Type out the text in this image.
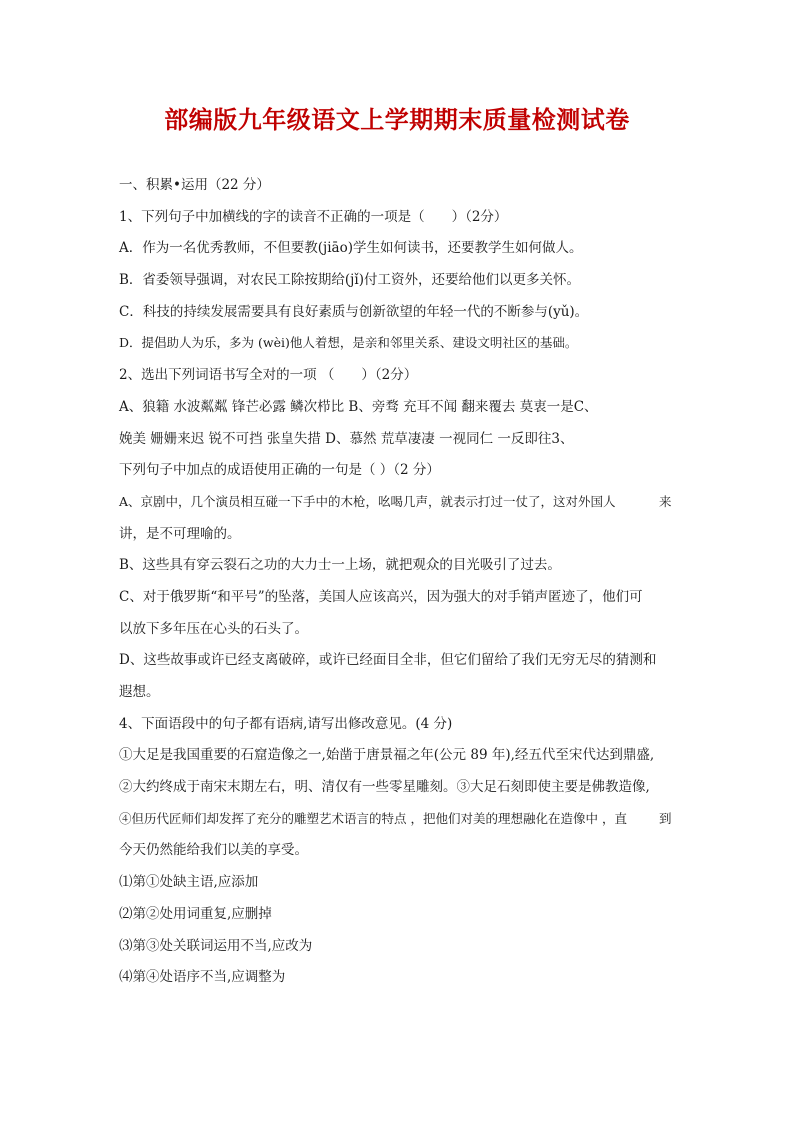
部编版九年级语文上学期期末质量检测试卷
一、积累•运用（22 分）
1、下列句子中加横线的字的读音不正确的一项是（　　）（2分）
A．作为一名优秀教师，不但要教(jiāo)学生如何读书，还要教学生如何做人。
B．省委领导强调，对农民工除按期给(jǐ)付工资外，还要给他们以更多关怀。
C．科技的持续发展需要具有良好素质与创新欲望的年轻一代的不断参与(yǔ)。
D．提倡助人为乐，多为 (wèi)他人着想，是亲和邻里关系、建设文明社区的基础。
2、选出下列词语书写全对的一项 （　　）（2分）
A、狼籍 水波粼粼 锋芒必露 鳞次栉比 B、旁骛 充耳不闻 翻来覆去 莫衷一是C、
娩美 姗姗来迟 锐不可挡 张皇失措 D、慕然 荒草凄凄 一视同仁 一反即往3、
下列句子中加点的成语使用正确的一句是（ ）（2 分）
A、京剧中，几个演员相互碰一下手中的木枪，吆喝几声，就表示打过一仗了，这对外国人	来
讲，是不可理喻的。
B、这些具有穿云裂石之功的大力士一上场，就把观众的目光吸引了过去。
C、对于俄罗斯“和平号”的坠落，美国人应该高兴，因为强大的对手销声匿迹了，他们可
以放下多年压在心头的石头了。
D、这些故事或许已经支离破碎，或许已经面目全非，但它们留给了我们无穷无尽的猜测和
遐想。
4、下面语段中的句子都有语病,请写出修改意见。(4 分)
①大足是我国重要的石窟造像之一,始凿于唐景福之年(公元 89 年),经五代至宋代达到鼎盛,
②大约终成于南宋末期左右，明、清仅有一些零星雕刻。③大足石刻即使主要是佛教造像,
④但历代匠师们却发挥了充分的雕塑艺术语言的特点 ，把他们对美的理想融化在造像中 ，直	到
今天仍然能给我们以美的享受。
⑴第①处缺主语,应添加
⑵第②处用词重复,应删掉
⑶第③处关联词运用不当,应改为
⑷第④处语序不当,应调整为
